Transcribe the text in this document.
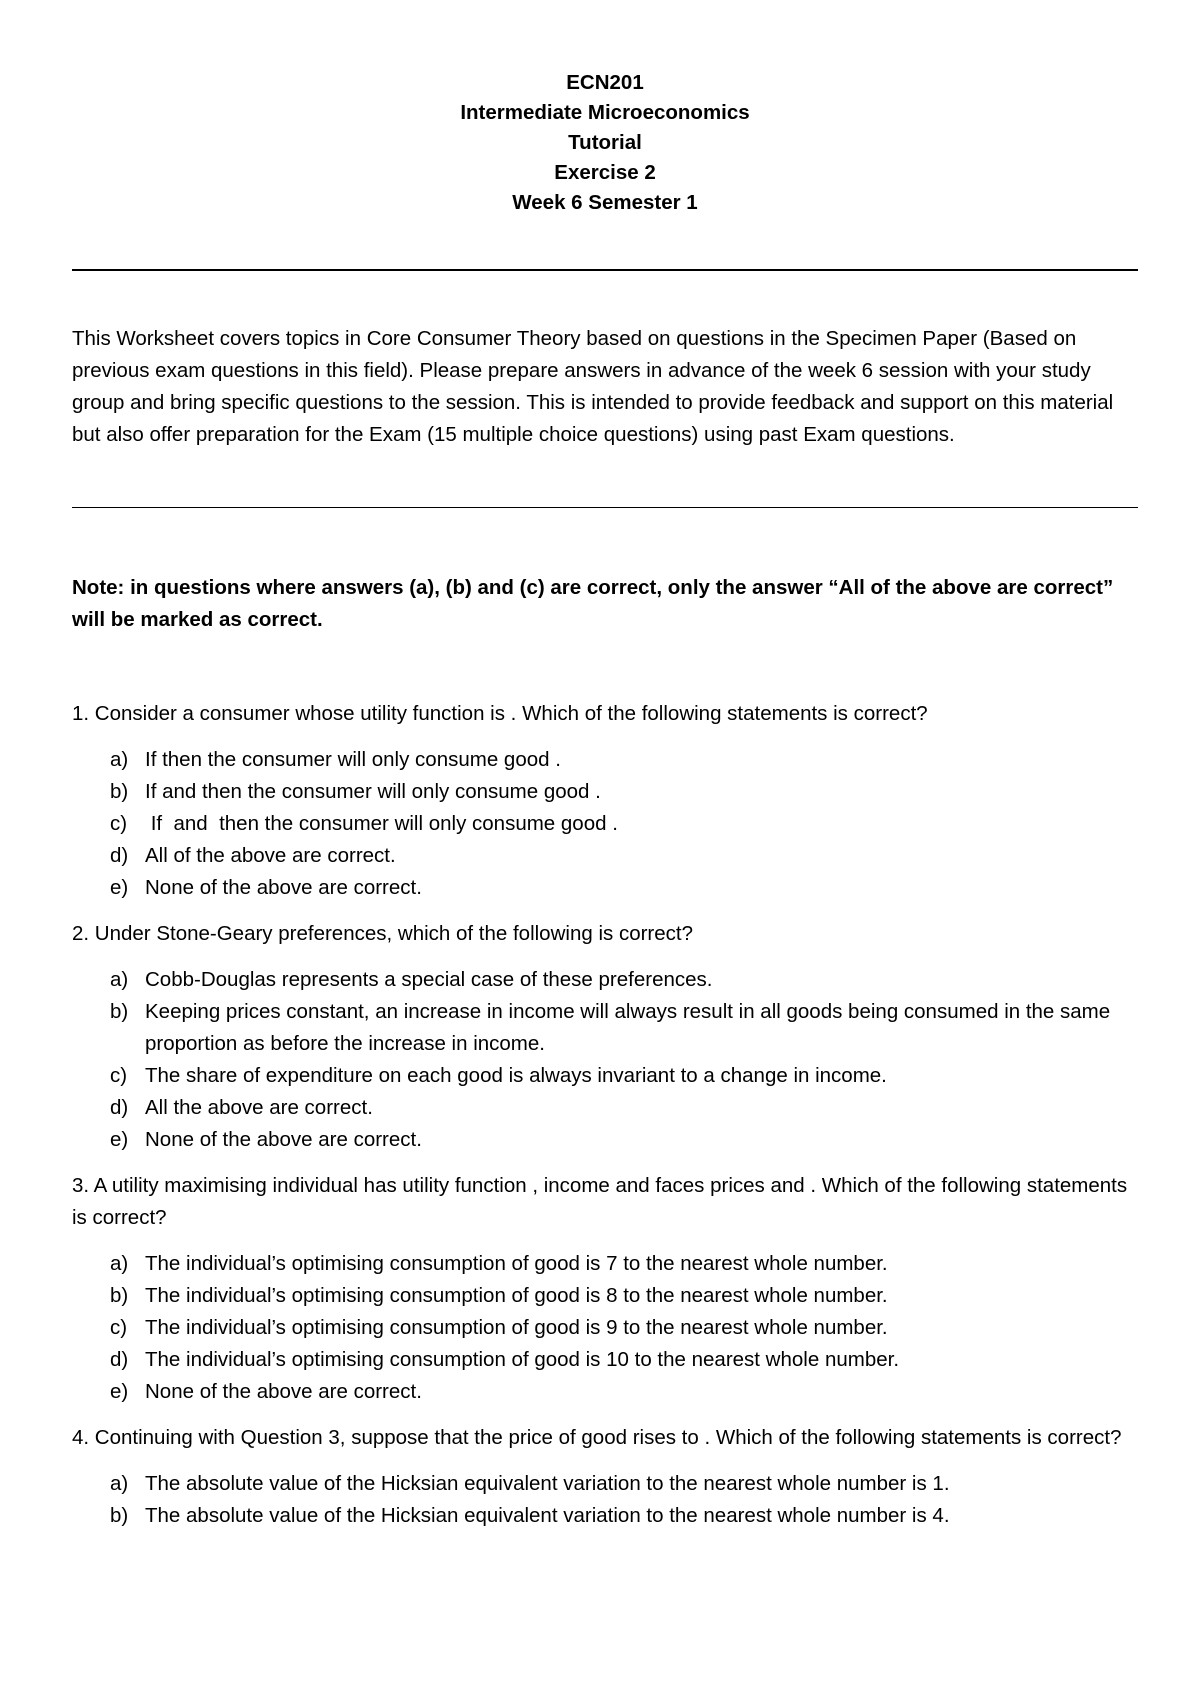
ECN201
Intermediate Microeconomics
Tutorial
Exercise 2
Week 6 Semester 1
This Worksheet covers topics in Core Consumer Theory based on questions in the Specimen Paper (Based on previous exam questions in this field). Please prepare answers in advance of the week 6 session with your study group and bring specific questions to the session. This is intended to provide feedback and support on this material but also offer preparation for the Exam (15 multiple choice questions) using past Exam questions.
Note: in questions where answers (a), (b) and (c) are correct, only the answer “All of the above are correct” will be marked as correct.
1. Consider a consumer whose utility function is . Which of the following statements is correct?
a) If then the consumer will only consume good .
b) If and then the consumer will only consume good .
c) If  and  then the consumer will only consume good .
d) All of the above are correct.
e) None of the above are correct.
2. Under Stone-Geary preferences, which of the following is correct?
a) Cobb-Douglas represents a special case of these preferences.
b) Keeping prices constant, an increase in income will always result in all goods being consumed in the same proportion as before the increase in income.
c) The share of expenditure on each good is always invariant to a change in income.
d) All the above are correct.
e) None of the above are correct.
3. A utility maximising individual has utility function , income and faces prices and . Which of the following statements is correct?
a) The individual’s optimising consumption of good is 7 to the nearest whole number.
b) The individual’s optimising consumption of good is 8 to the nearest whole number.
c) The individual’s optimising consumption of good is 9 to the nearest whole number.
d) The individual’s optimising consumption of good is 10 to the nearest whole number.
e) None of the above are correct.
4. Continuing with Question 3, suppose that the price of good rises to . Which of the following statements is correct?
a) The absolute value of the Hicksian equivalent variation to the nearest whole number is 1.
b) The absolute value of the Hicksian equivalent variation to the nearest whole number is 4.
